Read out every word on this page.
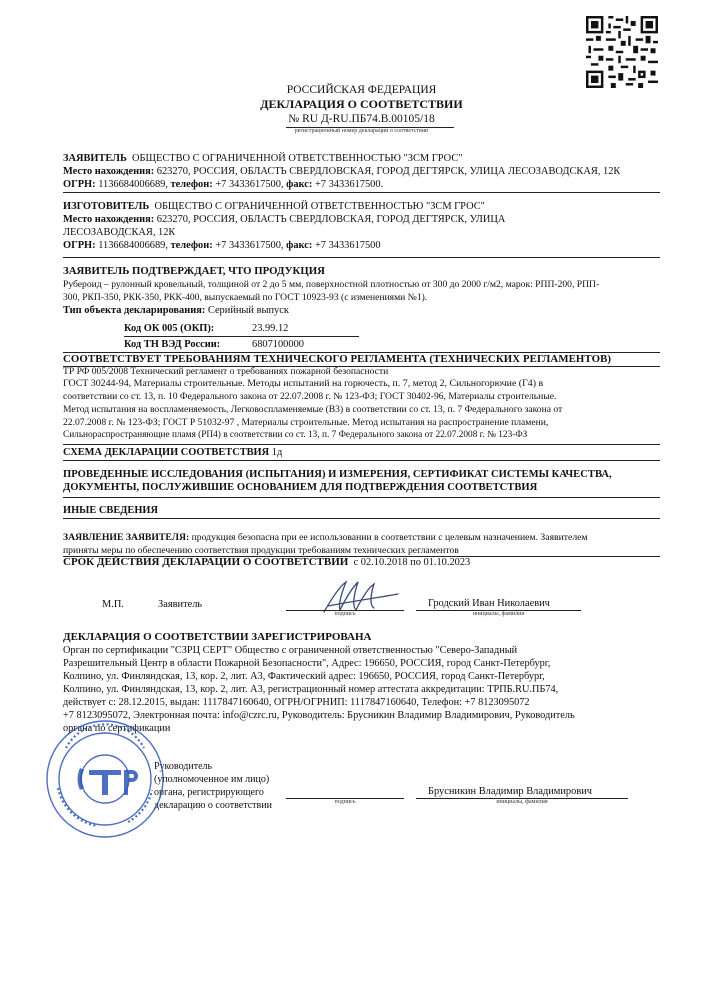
РОССИЙСКАЯ ФЕДЕРАЦИЯ
ДЕКЛАРАЦИЯ О СООТВЕТСТВИИ
№ RU Д-RU.ПБ74.В.00105/18
регистрационный номер декларации о соответствии
ЗАЯВИТЕЛЬ ОБЩЕСТВО С ОГРАНИЧЕННОЙ ОТВЕТСТВЕННОСТЬЮ "ЗСМ ГРОС"
Место нахождения: 623270, РОССИЯ, ОБЛАСТЬ СВЕРДЛОВСКАЯ, ГОРОД ДЕГТЯРСК, УЛИЦА ЛЕСОЗАВОДСКАЯ, 12К
ОГРН: 1136684006689, телефон: +7 3433617500, факс: +7 3433617500.
ИЗГОТОВИТЕЛЬ ОБЩЕСТВО С ОГРАНИЧЕННОЙ ОТВЕТСТВЕННОСТЬЮ "ЗСМ ГРОС"
Место нахождения: 623270, РОССИЯ, ОБЛАСТЬ СВЕРДЛОВСКАЯ, ГОРОД ДЕГТЯРСК, УЛИЦА
ЛЕСОЗАВОДСКАЯ, 12К
ОГРН: 1136684006689, телефон: +7 3433617500, факс: +7 3433617500
ЗАЯВИТЕЛЬ ПОДТВЕРЖДАЕТ, ЧТО ПРОДУКЦИЯ
Рубероид – рулонный кровельный, толщиной от 2 до 5 мм, поверхностной плотностью от 300 до 2000 г/м2, марок: РПП-200, РПП-
300, РКП-350, РКК-350, РКК-400, выпускаемый по ГОСТ 10923-93 (с изменениями №1).
Тип объекта декларирования: Серийный выпуск
Код ОК 005 (ОКП):	23.99.12
Код ТН ВЭД России:	6807100000
СООТВЕТСТВУЕТ ТРЕБОВАНИЯМ ТЕХНИЧЕСКОГО РЕГЛАМЕНТА (ТЕХНИЧЕСКИХ РЕГЛАМЕНТОВ)
ТР РФ 005/2008 Технический регламент о требованиях пожарной безопасности
ГОСТ 30244-94, Материалы строительные. Методы испытаний на горючесть, п. 7, метод 2, Сильногорючие (Г4) в
соответствии со ст. 13, п. 10 Федерального закона от 22.07.2008 г. № 123-ФЗ; ГОСТ 30402-96, Материалы строительные.
Метод испытания на воспламеняемость, Легковоспламеняемые (В3) в соответствии со ст. 13, п. 7 Федерального закона от
22.07.2008 г. № 123-ФЗ; ГОСТ Р 51032-97 , Материалы строительные. Метод испытания на распространение пламени,
Сильнораспространяющие пламя (РП4) в соответствии со ст. 13, п. 7 Федерального закона от 22.07.2008 г. № 123-ФЗ
СХЕМА ДЕКЛАРАЦИИ СООТВЕТСТВИЯ 1д
ПРОВЕДЕННЫЕ ИССЛЕДОВАНИЯ (ИСПЫТАНИЯ) И ИЗМЕРЕНИЯ, СЕРТИФИКАТ СИСТЕМЫ КАЧЕСТВА,
ДОКУМЕНТЫ, ПОСЛУЖИВШИЕ ОСНОВАНИЕМ ДЛЯ ПОДТВЕРЖДЕНИЯ СООТВЕТСТВИЯ
ИНЫЕ СВЕДЕНИЯ
ЗАЯВЛЕНИЕ ЗАЯВИТЕЛЯ: продукция безопасна при ее использовании в соответствии с целевым назначением. Заявителем
приняты меры по обеспечению соответствия продукции требованиям технических регламентов
СРОК ДЕЙСТВИЯ ДЕКЛАРАЦИИ О СООТВЕТСТВИИ с 02.10.2018 по 01.10.2023
М.П.	Заявитель
подпись
Гродский Иван Николаевич
инициалы, фамилия
ДЕКЛАРАЦИЯ О СООТВЕТСТВИИ ЗАРЕГИСТРИРОВАНА
Орган по сертификации "СЗРЦ СЕРТ" Общество с ограниченной ответственностью "Северо-Западный
Разрешительный Центр в области Пожарной Безопасности", Адрес: 196650, РОССИЯ, город Санкт-Петербург,
Колпино, ул. Финляндская, 13, кор. 2, лит. А3, Фактический адрес: 196650, РОССИЯ, город Санкт-Петербург,
Колпино, ул. Финляндская, 13, кор. 2, лит. А3, регистрационный номер аттестата аккредитации: ТРПБ.RU.ПБ74,
действует с: 28.12.2015, выдан: 1117847160640, ОГРН/ОГРНИП: 1117847160640, Телефон: +7 8123095072
+7 8123095072, Электронная почта: info@czrc.ru, Руководитель: Брусникин Владимир Владимирович, Руководитель
органа по сертификации
Руководитель
(уполномоченное им лицо)
органа, регистрирующего
декларацию о соответствии	подпись
Брусникин Владимир Владимирович
инициалы, фамилия
